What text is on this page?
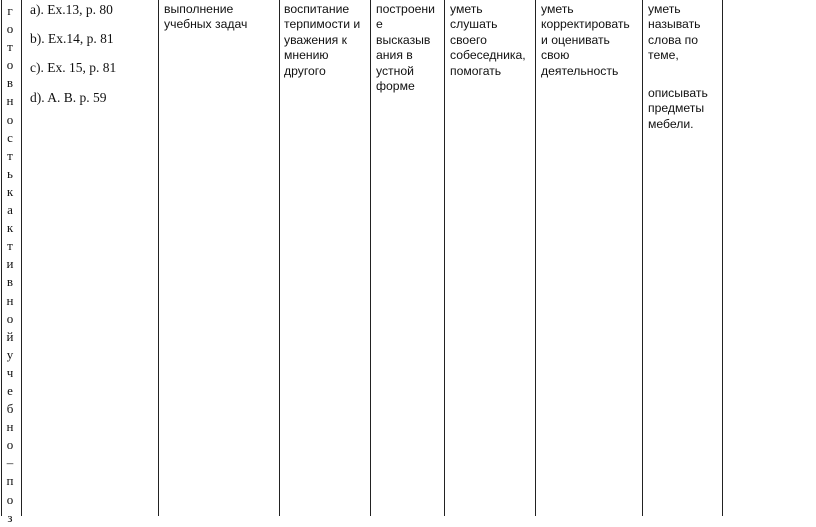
г
о
т
о
в
н
о
с
т
ь
к
а
к
т
и
в
н
о
й
у
ч
е
б
н
о
–
п
о
з
а). Ex.13, p. 80
b). Ex.14, p. 81
с). Ex. 15, p. 81
d). A. B. p. 59
выполнение учебных задач
воспитание терпимости и уважения к мнению другого
построени е высказыв ания в устной форме
уметь слушать своего собеседника, помогать
уметь корректировать и оценивать свою деятельность
уметь называть слова по теме,
описывать предметы мебели.
